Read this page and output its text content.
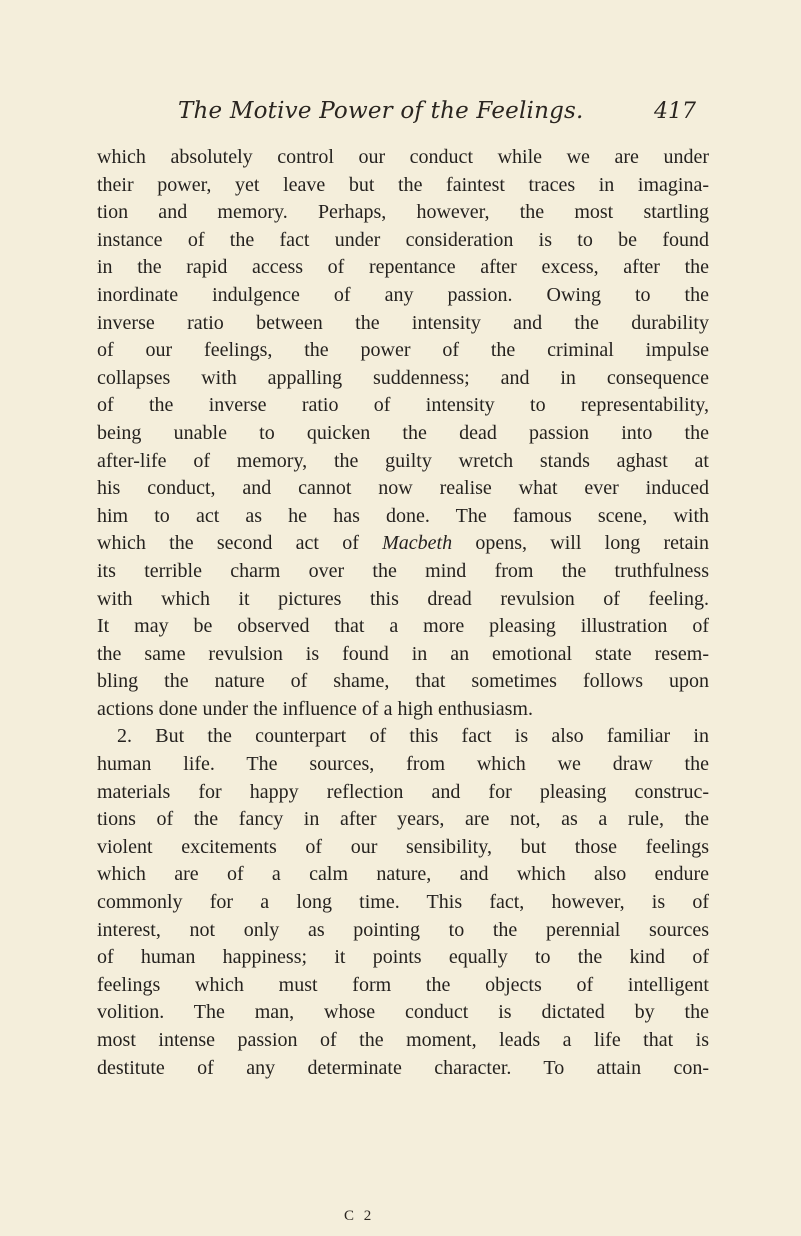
The Motive Power of the Feelings.	417
which absolutely control our conduct while we are under
their power, yet leave but the faintest traces in imagina-
tion and memory. Perhaps, however, the most startling
instance of the fact under consideration is to be found
in the rapid access of repentance after excess, after the
inordinate indulgence of any passion. Owing to the
inverse ratio between the intensity and the durability
of our feelings, the power of the criminal impulse
collapses with appalling suddenness; and in consequence
of the inverse ratio of intensity to representability,
being unable to quicken the dead passion into the
after-life of memory, the guilty wretch stands aghast at
his conduct, and cannot now realise what ever induced
him to act as he has done. The famous scene, with
which the second act of Macbeth opens, will long retain
its terrible charm over the mind from the truthfulness
with which it pictures this dread revulsion of feeling.
It may be observed that a more pleasing illustration of
the same revulsion is found in an emotional state resem-
bling the nature of shame, that sometimes follows upon
actions done under the influence of a high enthusiasm.
2. But the counterpart of this fact is also familiar in
human life. The sources, from which we draw the
materials for happy reflection and for pleasing construc-
tions of the fancy in after years, are not, as a rule, the
violent excitements of our sensibility, but those feelings
which are of a calm nature, and which also endure
commonly for a long time. This fact, however, is of
interest, not only as pointing to the perennial sources
of human happiness; it points equally to the kind of
feelings which must form the objects of intelligent
volition. The man, whose conduct is dictated by the
most intense passion of the moment, leads a life that is
destitute of any determinate character. To attain con-
C 2
